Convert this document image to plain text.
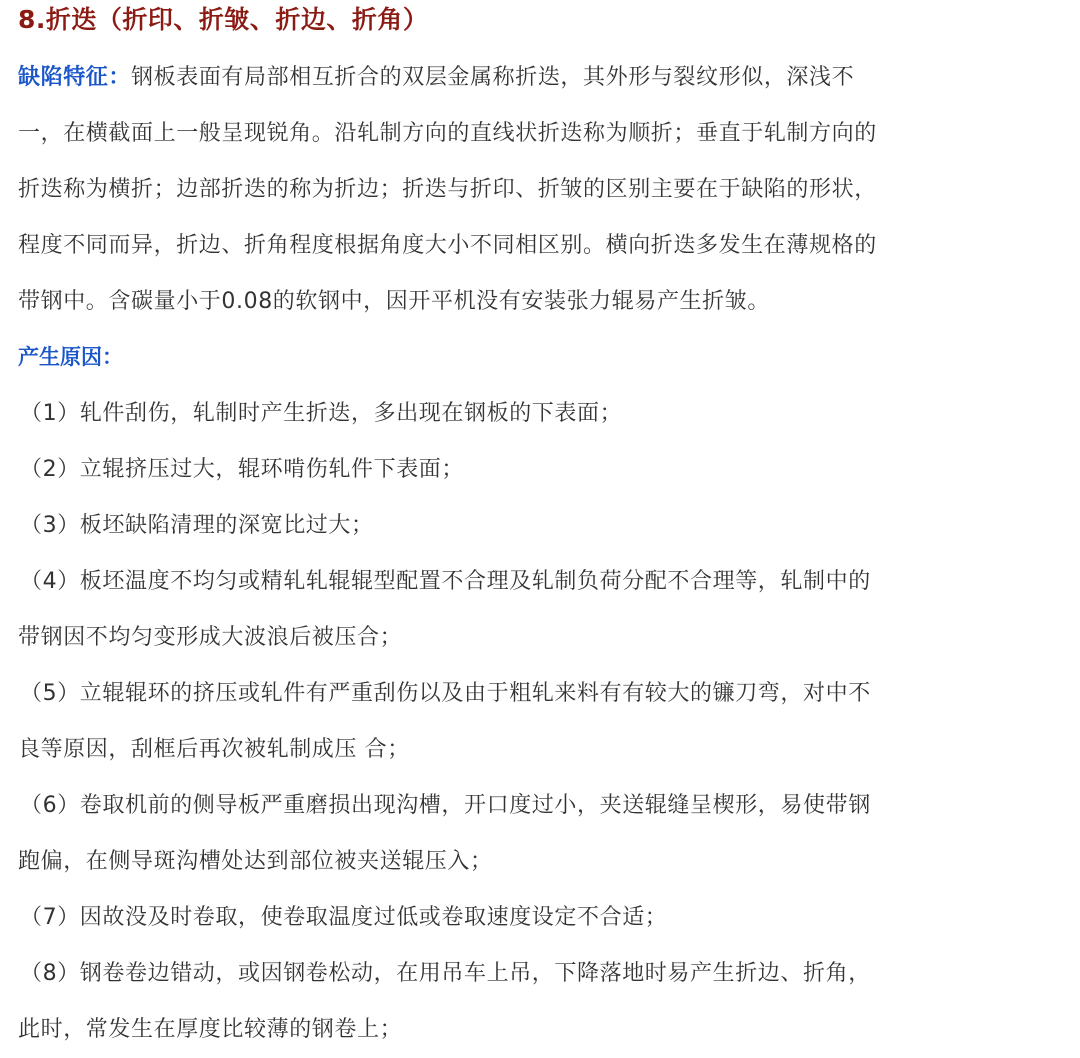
8.折迭（折印、折皱、折边、折角）
缺陷特征：钢板表面有局部相互折合的双层金属称折迭，其外形与裂纹形似，深浅不
一，在横截面上一般呈现锐角。沿轧制方向的直线状折迭称为顺折；垂直于轧制方向的
折迭称为横折；边部折迭的称为折边；折迭与折印、折皱的区别主要在于缺陷的形状，
程度不同而异，折边、折角程度根据角度大小不同相区别。横向折迭多发生在薄规格的
带钢中。含碳量小于0.08的软钢中，因开平机没有安装张力辊易产生折皱。
产生原因：
（1）轧件刮伤，轧制时产生折迭，多出现在钢板的下表面；
（2）立辊挤压过大，辊环啃伤轧件下表面；
（3）板坯缺陷清理的深宽比过大；
（4）板坯温度不均匀或精轧轧辊辊型配置不合理及轧制负荷分配不合理等，轧制中的
带钢因不均匀变形成大波浪后被压合；
（5）立辊辊环的挤压或轧件有严重刮伤以及由于粗轧来料有有较大的镰刀弯，对中不
良等原因，刮框后再次被轧制成压 合；
（6）卷取机前的侧导板严重磨损出现沟槽，开口度过小，夹送辊缝呈楔形，易使带钢
跑偏，在侧导斑沟槽处达到部位被夹送辊压入；
（7）因故没及时卷取，使卷取温度过低或卷取速度设定不合适；
（8）钢卷卷边错动，或因钢卷松动，在用吊车上吊，下降落地时易产生折边、折角，
此时，常发生在厚度比较薄的钢卷上；
